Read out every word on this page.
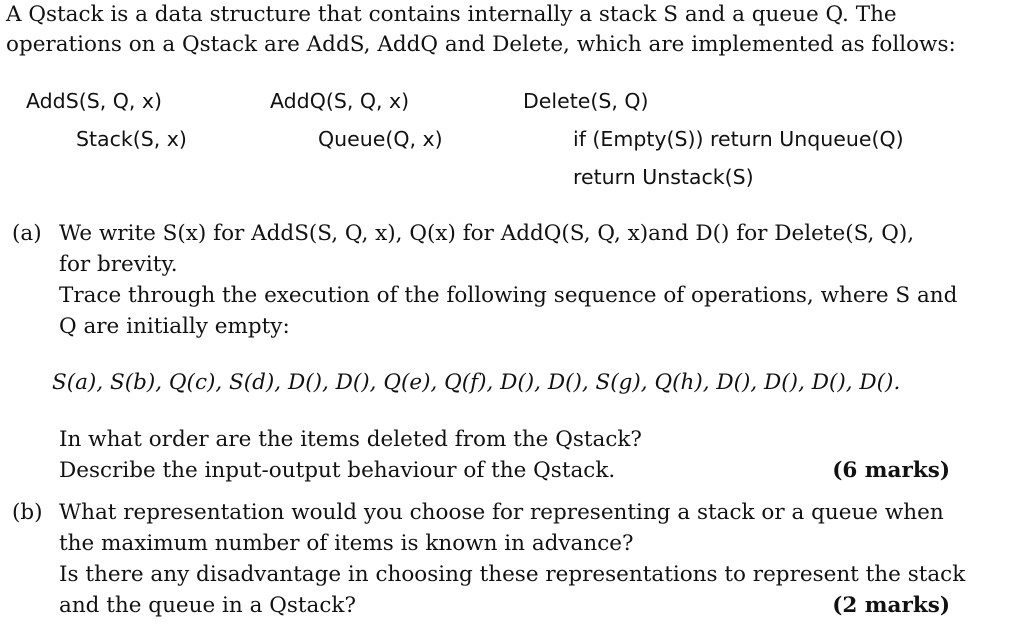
A Qstack is a data structure that contains internally a stack S and a queue Q. The
operations on a Qstack are AddS, AddQ and Delete, which are implemented as follows:
AddS(S, Q, x)
Stack(S, x)
AddQ(S, Q, x)
Queue(Q, x)
Delete(S, Q)
if (Empty(S)) return Unqueue(Q)
return Unstack(S)
(a) We write S(x) for AddS(S, Q, x), Q(x) for AddQ(S, Q, x)and D() for Delete(S, Q),
for brevity.
Trace through the execution of the following sequence of operations, where S and
Q are initially empty:
S(a), S(b), Q(c), S(d), D(), D(), Q(e), Q(f), D(), D(), S(g), Q(h), D(), D(), D(), D().
In what order are the items deleted from the Qstack?
Describe the input-output behaviour of the Qstack.	(6 marks)
(b) What representation would you choose for representing a stack or a queue when
the maximum number of items is known in advance?
Is there any disadvantage in choosing these representations to represent the stack
and the queue in a Qstack?	(2 marks)
